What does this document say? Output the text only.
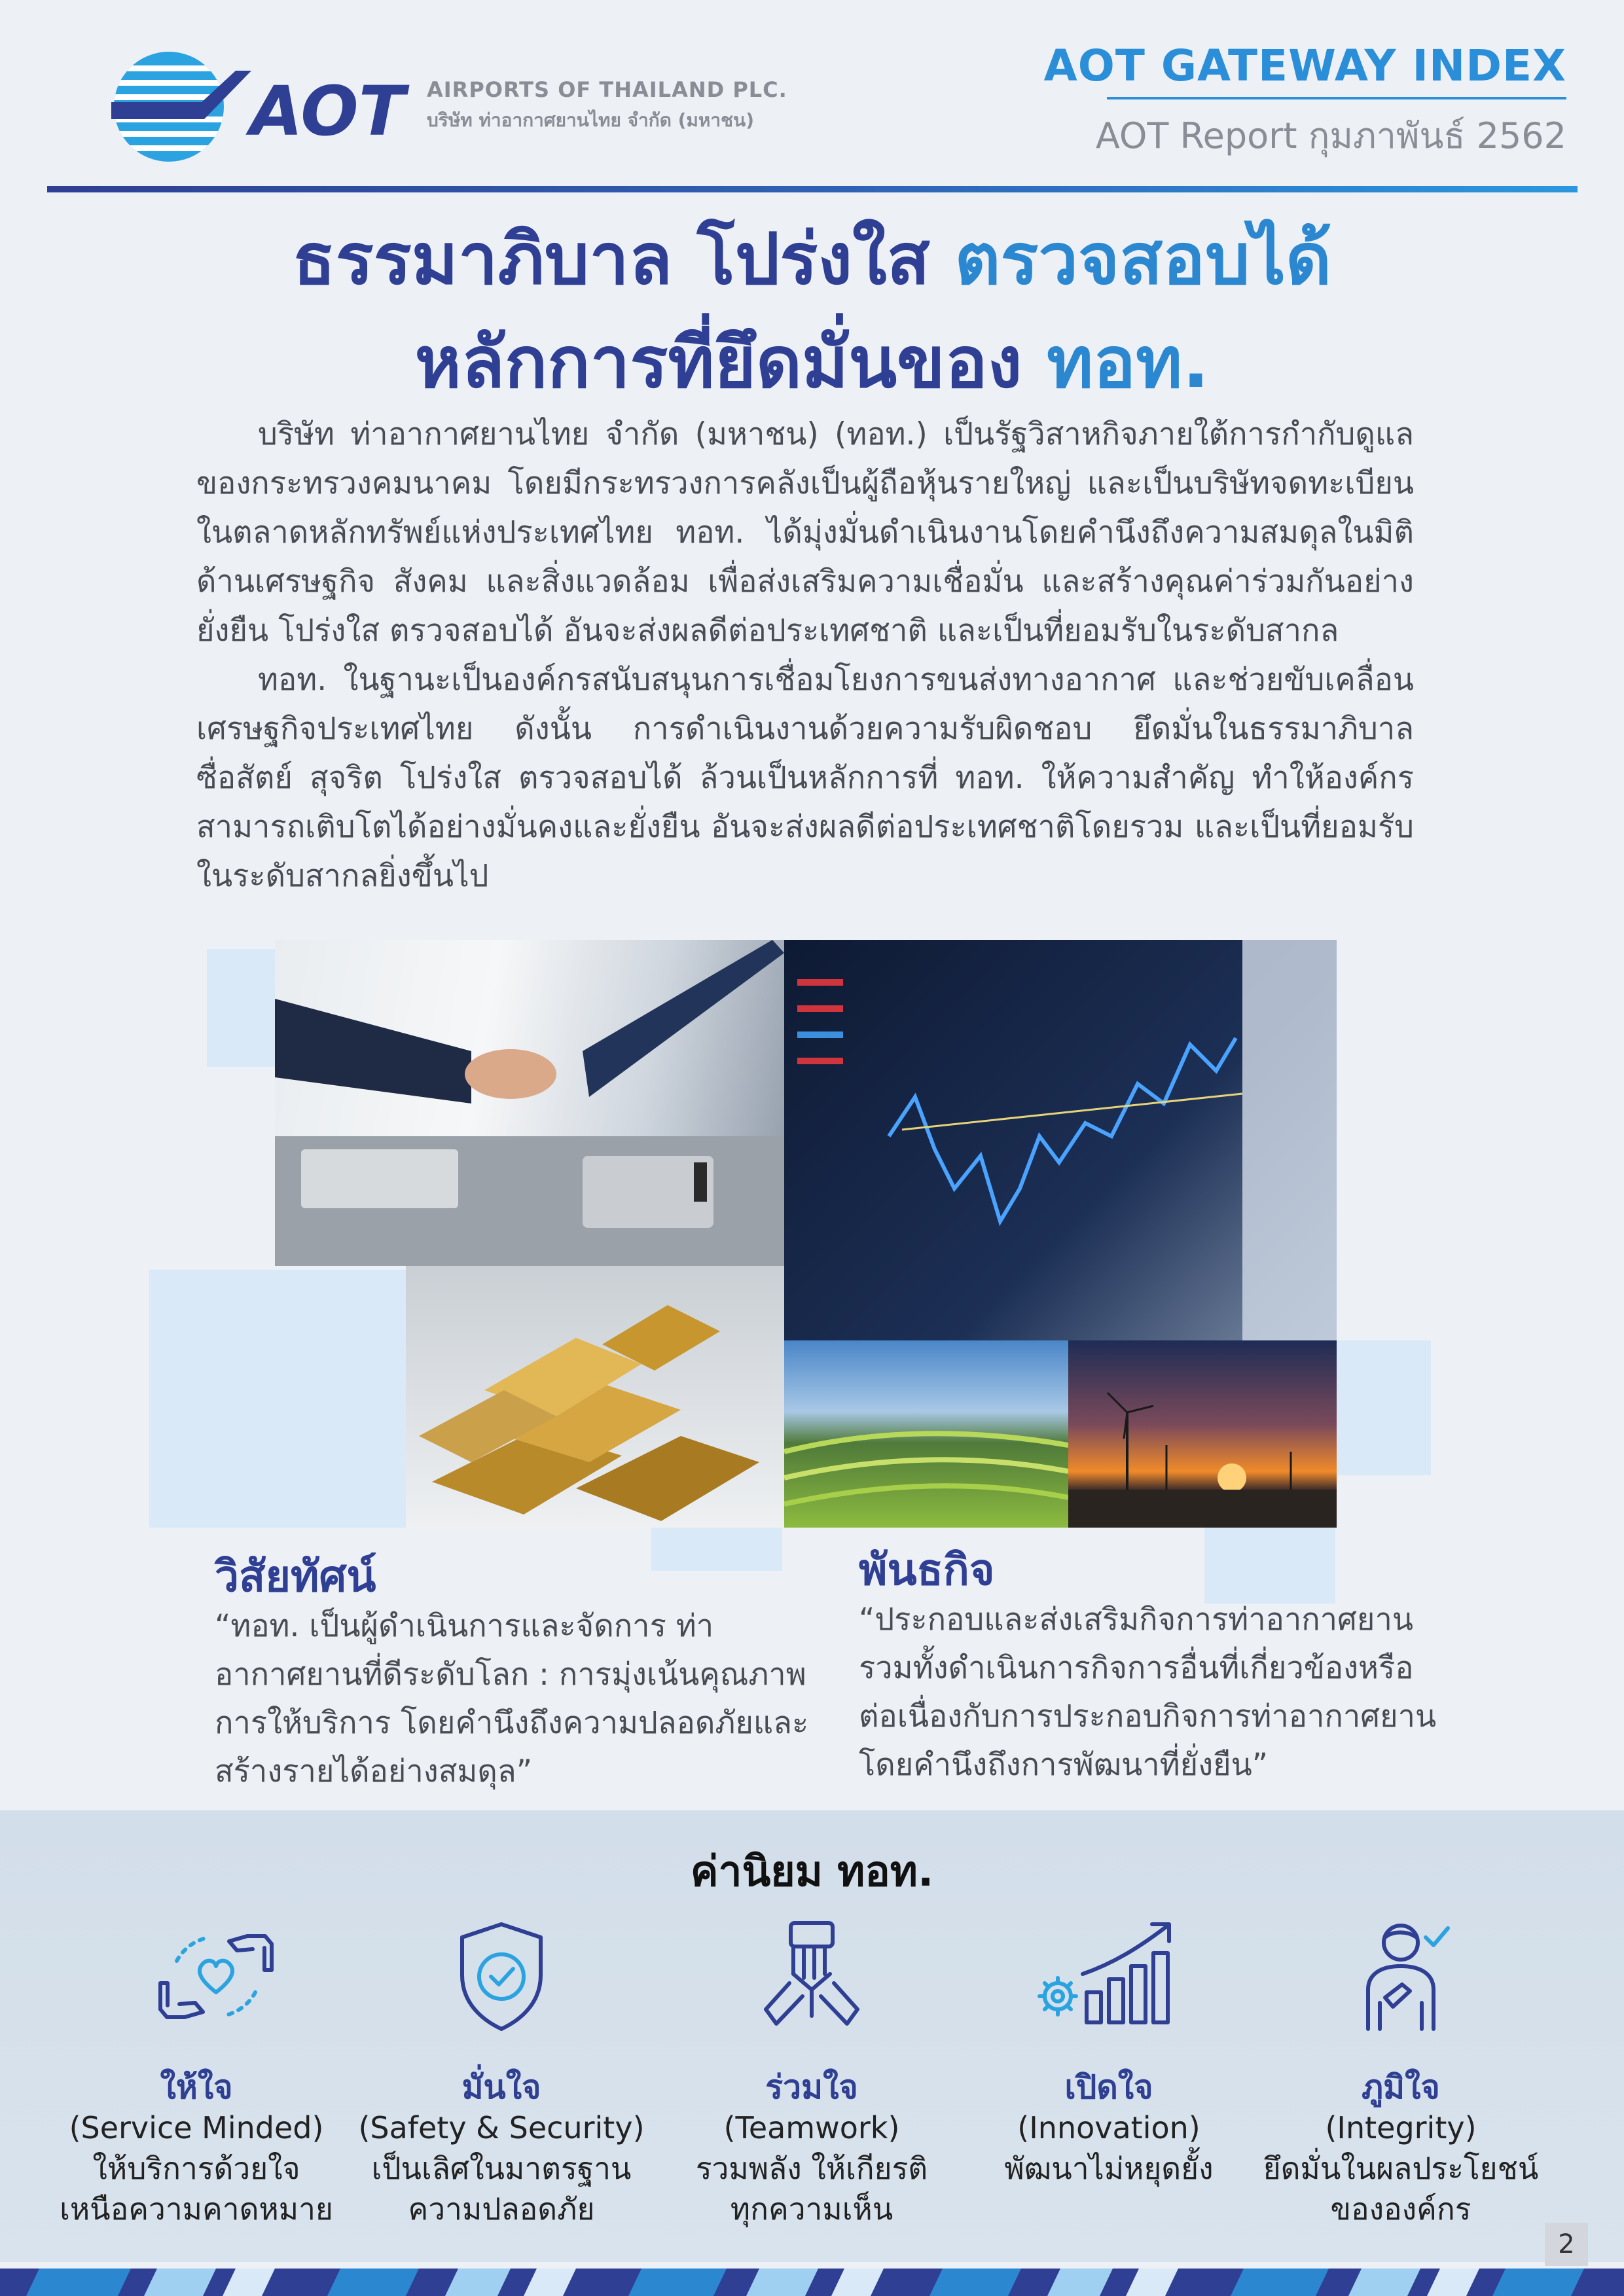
AOT AIRPORTS OF THAILAND PLC.
บริษัท ท่าอากาศยานไทย จำกัด (มหาชน)
AOT GATEWAY INDEX
AOT Report กุมภาพันธ์ 2562
ธรรมาภิบาล โปร่งใส ตรวจสอบได้
หลักการที่ยึดมั่นของ ทอท.

บริษัท ท่าอากาศยานไทย จำกัด (มหาชน) (ทอท.) เป็นรัฐวิสาหกิจภายใต้การกำกับดูแลของกระทรวงคมนาคม โดยมีกระทรวงการคลังเป็นผู้ถือหุ้นรายใหญ่ และเป็นบริษัทจดทะเบียนในตลาดหลักทรัพย์แห่งประเทศไทย ทอท. ได้มุ่งมั่นดำเนินงานโดยคำนึงถึงความสมดุลในมิติด้านเศรษฐกิจ สังคม และสิ่งแวดล้อม เพื่อส่งเสริมความเชื่อมั่น และสร้างคุณค่าร่วมกันอย่างยั่งยืน โปร่งใส ตรวจสอบได้ อันจะส่งผลดีต่อประเทศชาติ และเป็นที่ยอมรับในระดับสากล

ทอท. ในฐานะเป็นองค์กรสนับสนุนการเชื่อมโยงการขนส่งทางอากาศ และช่วยขับเคลื่อนเศรษฐกิจประเทศไทย ดังนั้น การดำเนินงานด้วยความรับผิดชอบ ยึดมั่นในธรรมาภิบาล ซื่อสัตย์ สุจริต โปร่งใส ตรวจสอบได้ ล้วนเป็นหลักการที่ ทอท. ให้ความสำคัญ ทำให้องค์กรสามารถเติบโตได้อย่างมั่นคงและยั่งยืน อันจะส่งผลดีต่อประเทศชาติโดยรวม และเป็นที่ยอมรับในระดับสากลยิ่งขึ้นไป

วิสัยทัศน์
“ทอท. เป็นผู้ดำเนินการและจัดการ ท่าอากาศยานที่ดีระดับโลก : การมุ่งเน้นคุณภาพการให้บริการ โดยคำนึงถึงความปลอดภัยและสร้างรายได้อย่างสมดุล”
พันธกิจ
“ประกอบและส่งเสริมกิจการท่าอากาศยาน รวมทั้งดำเนินการกิจการอื่นที่เกี่ยวข้องหรือต่อเนื่องกับการประกอบกิจการท่าอากาศยาน โดยคำนึงถึงการพัฒนาที่ยั่งยืน”
ค่านิยม ทอท.
ให้ใจ
(Service Minded)
ให้บริการด้วยใจ
เหนือความคาดหมาย
มั่นใจ
(Safety & Security)
เป็นเลิศในมาตรฐาน
ความปลอดภัย
ร่วมใจ
(Teamwork)
รวมพลัง ให้เกียรติ
ทุกความเห็น
เปิดใจ
(Innovation)
พัฒนาไม่หยุดยั้ง
ภูมิใจ
(Integrity)
ยึดมั่นในผลประโยชน์
ขององค์กร
2
